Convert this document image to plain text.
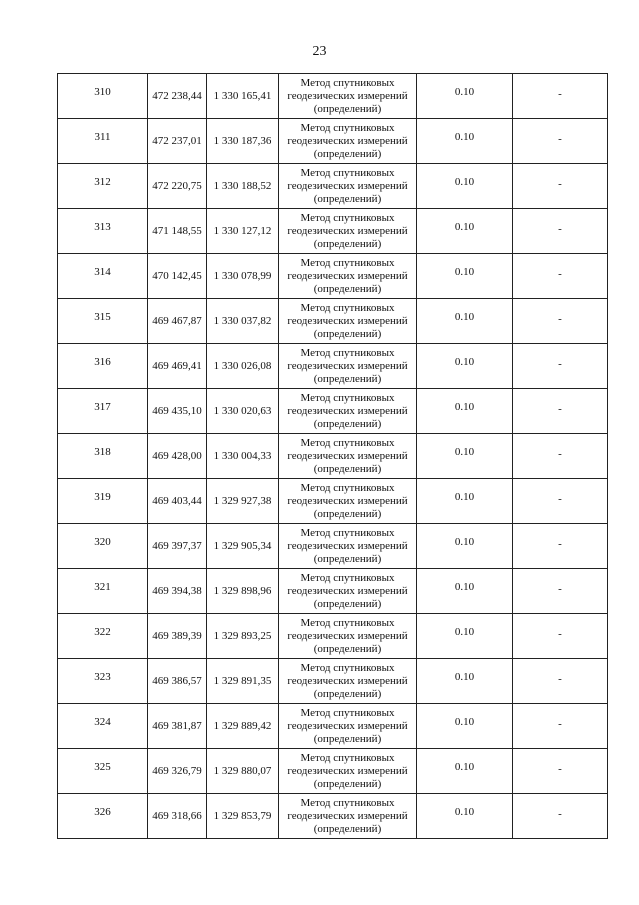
23
310	472 238,44	1 330 165,41	Метод спутниковых
геодезических измерений
(определений)	0.10	-
311	472 237,01	1 330 187,36	Метод спутниковых
геодезических измерений
(определений)	0.10	-
312	472 220,75	1 330 188,52	Метод спутниковых
геодезических измерений
(определений)	0.10	-
313	471 148,55	1 330 127,12	Метод спутниковых
геодезических измерений
(определений)	0.10	-
314	470 142,45	1 330 078,99	Метод спутниковых
геодезических измерений
(определений)	0.10	-
315	469 467,87	1 330 037,82	Метод спутниковых
геодезических измерений
(определений)	0.10	-
316	469 469,41	1 330 026,08	Метод спутниковых
геодезических измерений
(определений)	0.10	-
317	469 435,10	1 330 020,63	Метод спутниковых
геодезических измерений
(определений)	0.10	-
318	469 428,00	1 330 004,33	Метод спутниковых
геодезических измерений
(определений)	0.10	-
319	469 403,44	1 329 927,38	Метод спутниковых
геодезических измерений
(определений)	0.10	-
320	469 397,37	1 329 905,34	Метод спутниковых
геодезических измерений
(определений)	0.10	-
321	469 394,38	1 329 898,96	Метод спутниковых
геодезических измерений
(определений)	0.10	-
322	469 389,39	1 329 893,25	Метод спутниковых
геодезических измерений
(определений)	0.10	-
323	469 386,57	1 329 891,35	Метод спутниковых
геодезических измерений
(определений)	0.10	-
324	469 381,87	1 329 889,42	Метод спутниковых
геодезических измерений
(определений)	0.10	-
325	469 326,79	1 329 880,07	Метод спутниковых
геодезических измерений
(определений)	0.10	-
326	469 318,66	1 329 853,79	Метод спутниковых
геодезических измерений
(определений)	0.10	-
